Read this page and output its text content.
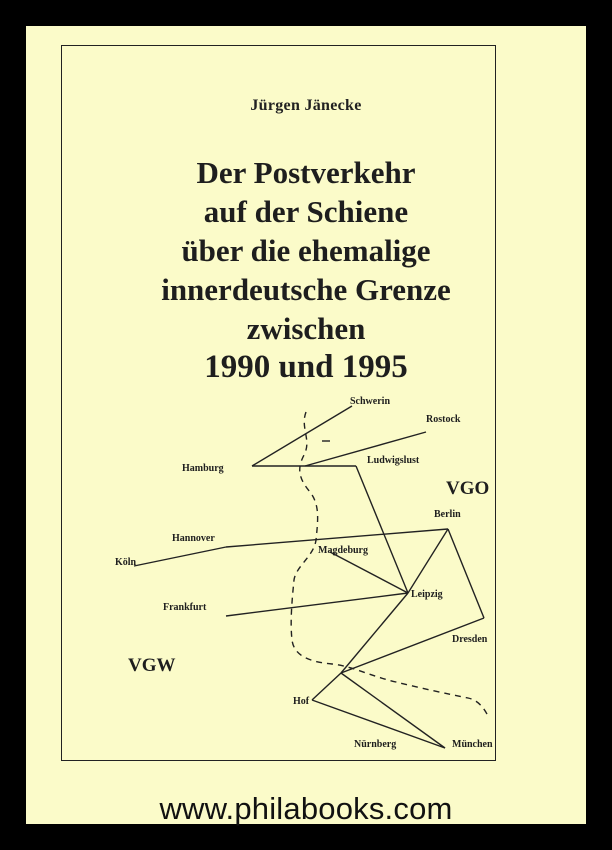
Jürgen Jänecke
Der Postverkehr
auf der Schiene
über die ehemalige
innerdeutsche Grenze
zwischen
1990 und 1995
Schwerin
Rostock
Hamburg
Ludwigslust
Berlin
Hannover
Köln
Magdeburg
Leipzig
Frankfurt
Dresden
Hof
Nürnberg	München
VGO
VGW
www.philabooks.com
